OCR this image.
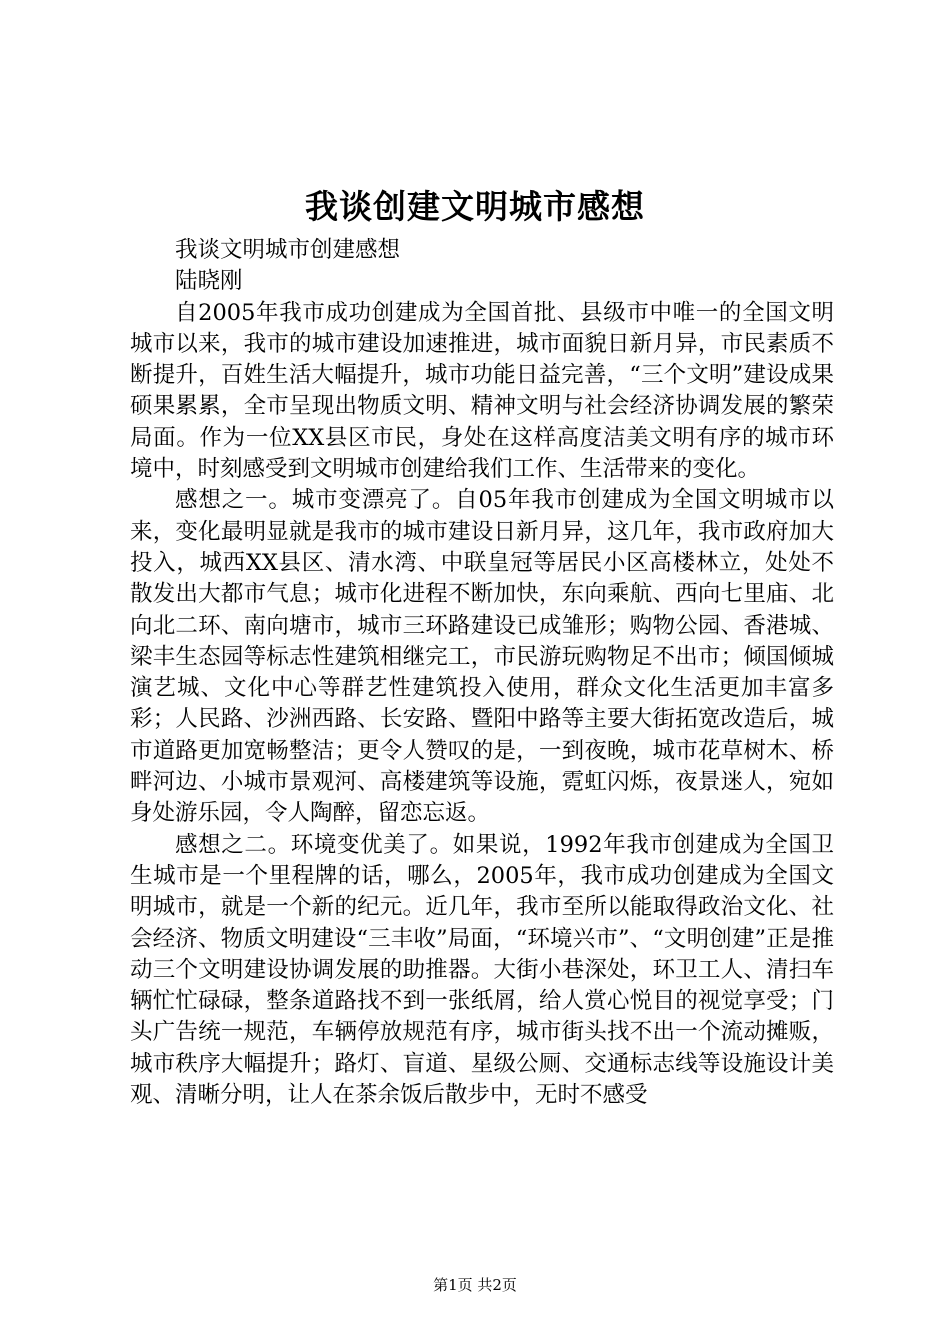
我谈创建文明城市感想

我谈文明城市创建感想

陆晓刚

自2005年我市成功创建成为全国首批、县级市中唯一的全国文明城市以来，我市的城市建设加速推进，城市面貌日新月异，市民素质不断提升，百姓生活大幅提升，城市功能日益完善，“三个文明”建设成果硕果累累，全市呈现出物质文明、精神文明与社会经济协调发展的繁荣局面。作为一位XX县区市民，身处在这样高度洁美文明有序的城市环境中，时刻感受到文明城市创建给我们工作、生活带来的变化。

感想之一。城市变漂亮了。自05年我市创建成为全国文明城市以来，变化最明显就是我市的城市建设日新月异，这几年，我市政府加大投入，城西XX县区、清水湾、中联皇冠等居民小区高楼林立，处处不散发出大都市气息；城市化进程不断加快，东向乘航、西向七里庙、北向北二环、南向塘市，城市三环路建设已成雏形；购物公园、香港城、梁丰生态园等标志性建筑相继完工，市民游玩购物足不出市；倾国倾城演艺城、文化中心等群艺性建筑投入使用，群众文化生活更加丰富多彩；人民路、沙洲西路、长安路、暨阳中路等主要大街拓宽改造后，城市道路更加宽畅整洁；更令人赞叹的是，一到夜晚，城市花草树木、桥畔河边、小城市景观河、高楼建筑等设施，霓虹闪烁，夜景迷人，宛如身处游乐园，令人陶醉，留恋忘返。

感想之二。环境变优美了。如果说，1992年我市创建成为全国卫生城市是一个里程牌的话，哪么，2005年，我市成功创建成为全国文明城市，就是一个新的纪元。近几年，我市至所以能取得政治文化、社会经济、物质文明建设“三丰收”局面，“环境兴市”、“文明创建”正是推动三个文明建设协调发展的助推器。大街小巷深处，环卫工人、清扫车辆忙忙碌碌，整条道路找不到一张纸屑，给人赏心悦目的视觉享受；门头广告统一规范，车辆停放规范有序，城市街头找不出一个流动摊贩，城市秩序大幅提升；路灯、盲道、星级公厕、交通标志线等设施设计美观、清晰分明，让人在茶余饭后散步中，无时不感受

第1页 共2页
